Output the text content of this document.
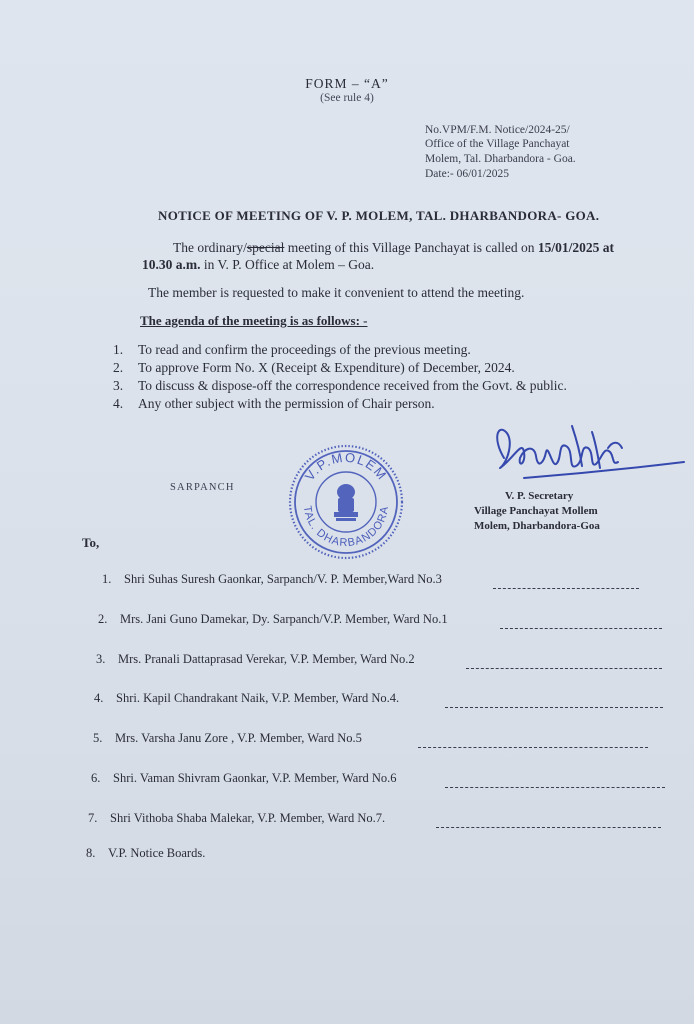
FORM – “A”
(See rule 4)
No.VPM/F.M. Notice/2024-25/
Office of the Village Panchayat
Molem, Tal. Dharbandora - Goa.
Date:- 06/01/2025
NOTICE OF MEETING OF V. P. MOLEM, TAL. DHARBANDORA- GOA.
The ordinary/special meeting of this Village Panchayat is called on 15/01/2025 at
10.30 a.m. in V. P. Office at Molem – Goa.
The member is requested to make it convenient to attend the meeting.
The agenda of the meeting is as follows: -
1. To read and confirm the proceedings of the previous meeting.
2. To approve Form No. X (Receipt & Expenditure) of December, 2024.
3. To discuss & dispose-off the correspondence received from the Govt. & public.
4. Any other subject with the permission of Chair person.
SARPANCH
V.P.MOLEM
TAL. DHARBANDORA
V. P. Secretary
Village Panchayat Mollem
Molem, Dharbandora-Goa
To,
1. Shri Suhas Suresh Gaonkar, Sarpanch/V. P. Member,Ward No.3
2. Mrs. Jani Guno Damekar, Dy. Sarpanch/V.P. Member, Ward No.1
3. Mrs. Pranali Dattaprasad Verekar, V.P. Member, Ward No.2
4. Shri. Kapil Chandrakant Naik, V.P. Member, Ward No.4.
5. Mrs. Varsha Janu Zore , V.P. Member, Ward No.5
6. Shri. Vaman Shivram Gaonkar, V.P. Member, Ward No.6
7. Shri Vithoba Shaba Malekar, V.P. Member, Ward No.7.
8. V.P. Notice Boards.
